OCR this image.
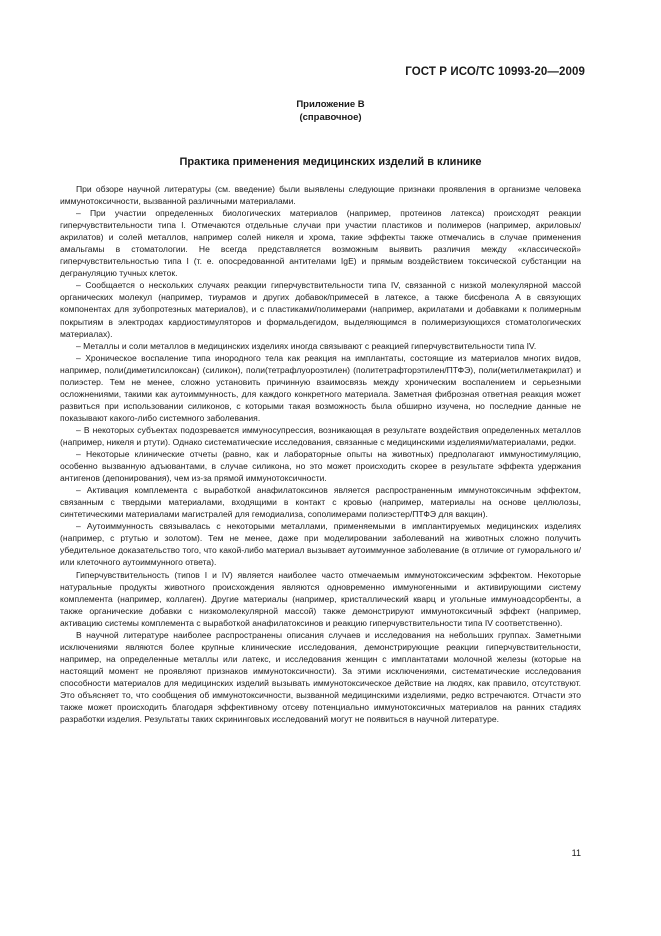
ГОСТ Р ИСО/ТС 10993-20—2009
Приложение В
(справочное)
Практика применения медицинских изделий в клинике

При обзоре научной литературы (см. введение) были выявлены следующие признаки проявления в организме человека иммунотоксичности, вызванной различными материалами.

– При участии определенных биологических материалов (например, протеинов латекса) происходят реакции гиперчувствительности типа I. Отмечаются отдельные случаи при участии пластиков и полимеров (например, акриловых/акрилатов) и солей металлов, например солей никеля и хрома, такие эффекты также отмечались в случае применения амальгамы в стоматологии. Не всегда представляется возможным выявить различия между «классической» гиперчувствительностью типа I (т. е. опосредованной антителами IgE) и прямым воздействием токсической субстанции на дегрануляцию тучных клеток.

– Сообщается о нескольких случаях реакции гиперчувствительности типа IV, связанной с низкой молекулярной массой органических молекул (например, тиурамов и других добавок/примесей в латексе, а также бисфенола A в связующих компонентах для зубопротезных материалов), и с пластиками/полимерами (например, акрилатами и добавками к полимерным покрытиям в электродах кардиостимуляторов и формальдегидом, выделяющимся в полимеризующихся стоматологических материалах).

– Металлы и соли металлов в медицинских изделиях иногда связывают с реакцией гиперчувствительности типа IV.

– Хроническое воспаление типа инородного тела как реакция на имплантаты, состоящие из материалов многих видов, например, поли(диметилсилоксан) (силикон), поли(тетрафлуороэтилен) (политетрафторэтилен/ПТФЭ), поли(метилметакрилат) и полиэстер. Тем не менее, сложно установить причинную взаимосвязь между хроническим воспалением и серьезными осложнениями, такими как аутоиммунность, для каждого конкретного материала. Заметная фиброзная ответная реакция может развиться при использовании силиконов, с которыми такая возможность была обширно изучена, но последние данные не показывают какого-либо системного заболевания.

– В некоторых субъектах подозревается иммуносупрессия, возникающая в результате воздействия определенных металлов (например, никеля и ртути). Однако систематические исследования, связанные с медицинскими изделиями/материалами, редки.

– Некоторые клинические отчеты (равно, как и лабораторные опыты на животных) предполагают иммуностимуляцию, особенно вызванную адъювантами, в случае силикона, но это может происходить скорее в результате эффекта удержания антигенов (депонирования), чем из-за прямой иммунотоксичности.

– Активация комплемента с выработкой анафилатоксинов является распространенным иммунотоксичным эффектом, связанным с твердыми материалами, входящими в контакт с кровью (например, материалы на основе целлюлозы, синтетическими материалами магистралей для гемодиализа, сополимерами полиэстер/ПТФЭ для вакцин).

– Аутоиммунность связывалась с некоторыми металлами, применяемыми в имплантируемых медицинских изделиях (например, с ртутью и золотом). Тем не менее, даже при моделировании заболеваний на животных сложно получить убедительное доказательство того, что какой-либо материал вызывает аутоиммунное заболевание (в отличие от гуморального и/или клеточного аутоиммунного ответа).

Гиперчувствительность (типов I и IV) является наиболее часто отмечаемым иммунотоксическим эффектом. Некоторые натуральные продукты животного происхождения являются одновременно иммуногенными и активирующими систему комплемента (например, коллаген). Другие материалы (например, кристаллический кварц и угольные иммуноадсорбенты, а также органические добавки с низкомолекулярной массой) также демонстрируют иммунотоксичный эффект (например, активацию системы комплемента с выработкой анафилатоксинов и реакцию гиперчувствительности типа IV соответственно).

В научной литературе наиболее распространены описания случаев и исследования на небольших группах. Заметными исключениями являются более крупные клинические исследования, демонстрирующие реакции гиперчувствительности, например, на определенные металлы или латекс, и исследования женщин с имплантатами молочной железы (которые на настоящий момент не проявляют признаков иммунотоксичности). За этими исключениями, систематические исследования способности материалов для медицинских изделий вызывать иммунотоксическое действие на людях, как правило, отсутствуют. Это объясняет то, что сообщения об иммунотоксичности, вызванной медицинскими изделиями, редко встречаются. Отчасти это также может происходить благодаря эффективному отсеву потенциально иммунотоксичных материалов на ранних стадиях разработки изделия. Результаты таких скрининговых исследований могут не появиться в научной литературе.

11
